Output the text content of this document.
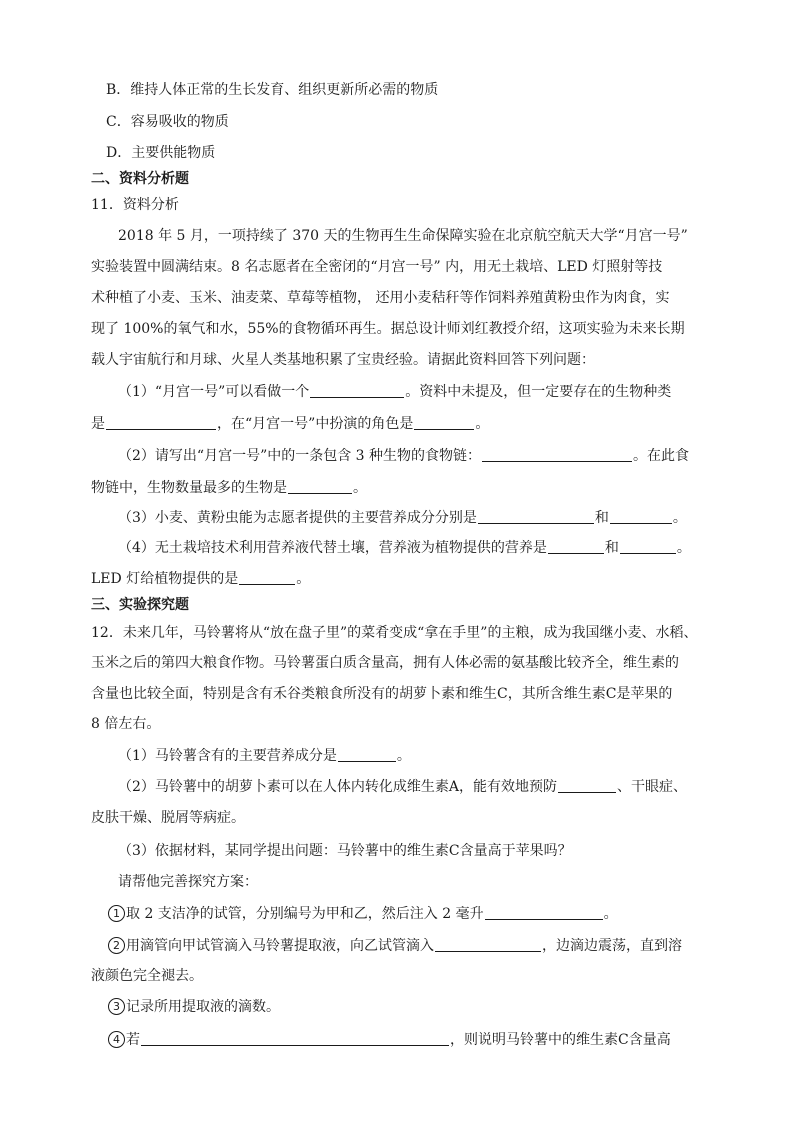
B．维持人体正常的生长发育、组织更新所必需的物质
C．容易吸收的物质
D．主要供能物质
二、资料分析题
11．资料分析
2018 年 5 月，一项持续了 370 天的生物再生生命保障实验在北京航空航天大学“月宫一号”
实验装置中圆满结束。8 名志愿者在全密闭的“月宫一号” 内，用无土栽培、LED 灯照射等技
术种植了小麦、玉米、油麦菜、草莓等植物， 还用小麦秸秆等作饲料养殖黄粉虫作为肉食，实
现了 100%的氧气和水，55%的食物循环再生。据总设计师刘红教授介绍，这项实验为未来长期
载人宇宙航行和月球、火星人类基地积累了宝贵经验。请据此资料回答下列问题：
（1）“月宫一号”可以看做一个	。资料中未提及，但一定要存在的生物种类
是	，在“月宫一号”中扮演的角色是	。
（2）请写出“月宫一号”中的一条包含 3 种生物的食物链：	。在此食
物链中，生物数量最多的生物是	。
（3）小麦、黄粉虫能为志愿者提供的主要营养成分分别是	和	。
（4）无土栽培技术利用营养液代替土壤，营养液为植物提供的营养是	和	。
LED 灯给植物提供的是	。
三、实验探究题
12．未来几年，马铃薯将从“放在盘子里”的菜肴变成“拿在手里”的主粮，成为我国继小麦、水稻、
玉米之后的第四大粮食作物。马铃薯蛋白质含量高，拥有人体必需的氨基酸比较齐全，维生素的
含量也比较全面，特别是含有禾谷类粮食所没有的胡萝卜素和维生C，其所含维生素C是苹果的
8 倍左右。
（1）马铃薯含有的主要营养成分是	。
（2）马铃薯中的胡萝卜素可以在人体内转化成维生素A，能有效地预防	、干眼症、
皮肤干燥、脱屑等病症。
（3）依据材料，某同学提出问题：马铃薯中的维生素C含量高于苹果吗？
请帮他完善探究方案：
1 取 2 支洁净的试管，分别编号为甲和乙，然后注入 2 毫升	。
2 用滴管向甲试管滴入马铃薯提取液，向乙试管滴入	，边滴边震荡，直到溶
液颜色完全褪去。
3 记录所用提取液的滴数。
4 若	，则说明马铃薯中的维生素C含量高
